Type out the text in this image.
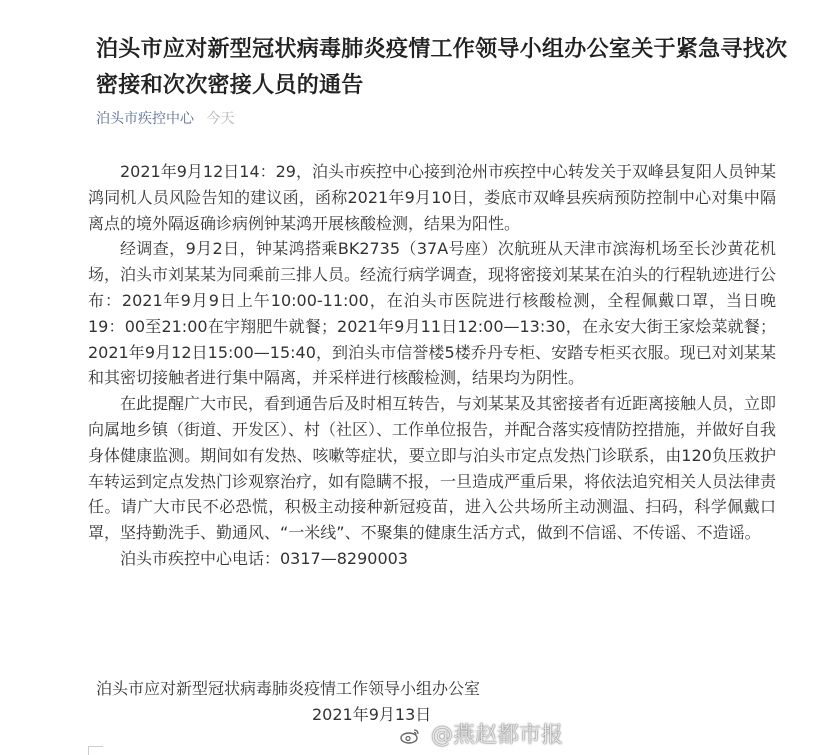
泊头市应对新型冠状病毒肺炎疫情工作领导小组办公室关于紧急寻找次密接和次次密接人员的通告
泊头市疾控中心 今天

2021年9月12日14：29，泊头市疾控中心接到沧州市疾控中心转发关于双峰县复阳人员钟某鸿同机人员风险告知的建议函，函称2021年9月10日，娄底市双峰县疾病预防控制中心对集中隔离点的境外隔返确诊病例钟某鸿开展核酸检测，结果为阳性。

经调查，9月2日，钟某鸿搭乘BK2735（37A号座）次航班从天津市滨海机场至长沙黄花机场，泊头市刘某某为同乘前三排人员。经流行病学调查，现将密接刘某某在泊头的行程轨迹进行公布：2021年9月9日上午10:00-11:00，在泊头市医院进行核酸检测，全程佩戴口罩，当日晚19：00至21:00在宇翔肥牛就餐；2021年9月11日12:00—13:30，在永安大街王家烩菜就餐；2021年9月12日15:00—15:40，到泊头市信誉楼5楼乔丹专柜、安踏专柜买衣服。现已对刘某某和其密切接触者进行集中隔离，并采样进行核酸检测，结果均为阴性。

在此提醒广大市民，看到通告后及时相互转告，与刘某某及其密接者有近距离接触人员，立即向属地乡镇（街道、开发区）、村（社区）、工作单位报告，并配合落实疫情防控措施，并做好自我身体健康监测。期间如有发热、咳嗽等症状，要立即与泊头市定点发热门诊联系，由120负压救护车转运到定点发热门诊观察治疗，如有隐瞒不报，一旦造成严重后果，将依法追究相关人员法律责任。请广大市民不必恐慌，积极主动接种新冠疫苗，进入公共场所主动测温、扫码，科学佩戴口罩，坚持勤洗手、勤通风、“一米线”、不聚集的健康生活方式，做到不信谣、不传谣、不造谣。

泊头市疾控中心电话：0317—8290003

泊头市应对新型冠状病毒肺炎疫情工作领导小组办公室
2021年9月13日
@燕赵都市报
